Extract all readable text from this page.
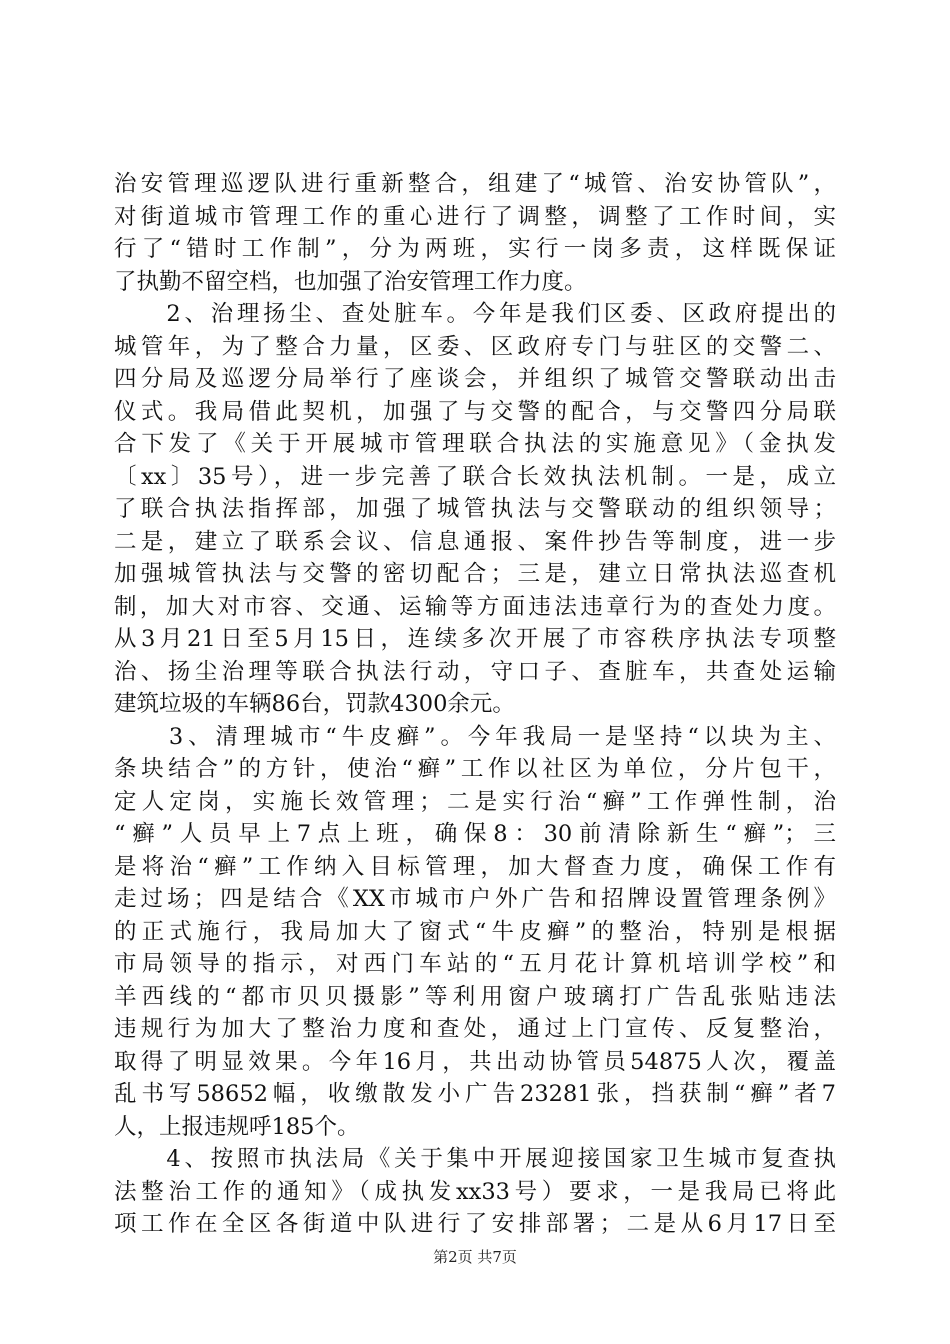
治安管理巡逻队进行重新整合，组建了“城管、治安协管队”，
对街道城市管理工作的重心进行了调整，调整了工作时间，实
行了“错时工作制”，分为两班，实行一岗多责，这样既保证
了执勤不留空档，也加强了治安管理工作力度。
　　2、治理扬尘、查处脏车。今年是我们区委、区政府提出的
城管年，为了整合力量，区委、区政府专门与驻区的交警二、
四分局及巡逻分局举行了座谈会，并组织了城管交警联动出击
仪式。我局借此契机，加强了与交警的配合，与交警四分局联
合下发了《关于开展城市管理联合执法的实施意见》（金执发
〔xx〕35号），进一步完善了联合长效执法机制。一是，成立
了联合执法指挥部，加强了城管执法与交警联动的组织领导；
二是，建立了联系会议、信息通报、案件抄告等制度，进一步
加强城管执法与交警的密切配合；三是，建立日常执法巡查机
制，加大对市容、交通、运输等方面违法违章行为的查处力度。
从3月21日至5月15日，连续多次开展了市容秩序执法专项整
治、扬尘治理等联合执法行动，守口子、查脏车，共查处运输
建筑垃圾的车辆86台，罚款4300余元。
　　3、清理城市“牛皮癣”。今年我局一是坚持“以块为主、
条块结合”的方针，使治“癣”工作以社区为单位，分片包干，
定人定岗，实施长效管理；二是实行治“癣”工作弹性制，治
“癣”人员早上7点上班，确保8：30前清除新生“癣”；三
是将治“癣”工作纳入目标管理，加大督查力度，确保工作有
走过场；四是结合《XX市城市户外广告和招牌设置管理条例》
的正式施行，我局加大了窗式“牛皮癣”的整治，特别是根据
市局领导的指示，对西门车站的“五月花计算机培训学校”和
羊西线的“都市贝贝摄影”等利用窗户玻璃打广告乱张贴违法
违规行为加大了整治力度和查处，通过上门宣传、反复整治，
取得了明显效果。今年16月，共出动协管员54875人次，覆盖
乱书写58652幅，收缴散发小广告23281张，挡获制“癣”者7
人，上报违规呼185个。
　　4、按照市执法局《关于集中开展迎接国家卫生城市复查执
法整治工作的通知》（成执发xx33号）要求，一是我局已将此
项工作在全区各街道中队进行了安排部署；二是从6月17日至
第2页 共7页
